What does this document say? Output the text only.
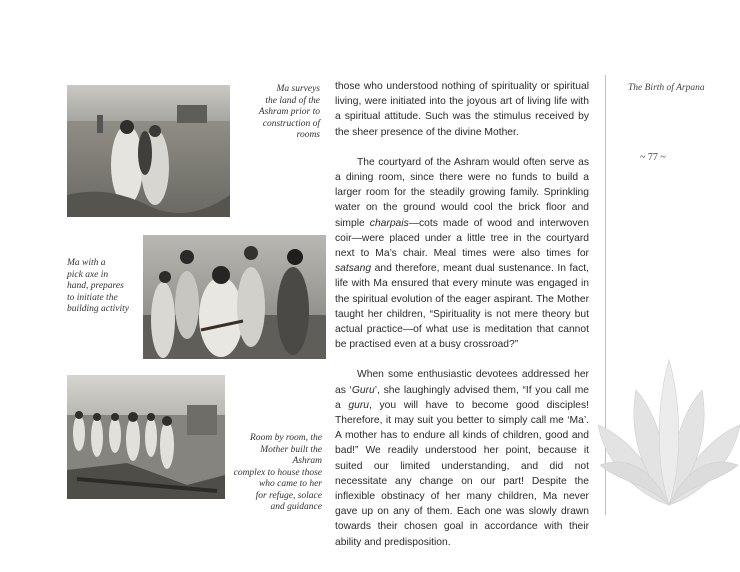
Ma surveys
the land of the
Ashram prior to
construction of
rooms
Ma with a
pick axe in
hand, prepares
to initiate the
building activity
Room by room, the
Mother built the Ashram
complex to house those
who came to her
for refuge, solace
and guidance

those who understood nothing of spirituality or spiritual living, were initiated into the joyous art of living life with a spiritual attitude. Such was the stimulus received by the sheer presence of the divine Mother.

The courtyard of the Ashram would often serve as a dining room, since there were no funds to build a larger room for the steadily growing family. Sprinkling water on the ground would cool the brick floor and simple charpais—cots made of wood and interwoven coir—were placed under a little tree in the courtyard next to Ma’s chair. Meal times were also times for satsang and therefore, meant dual sustenance. In fact, life with Ma ensured that every minute was engaged in the spiritual evolution of the eager aspirant. The Mother taught her children, “Spirituality is not mere theory but actual practice—of what use is meditation that cannot be practised even at a busy crossroad?”

When some enthusiastic devotees addressed her as ‘Guru’, she laughingly advised them, “If you call me a guru, you will have to become good disciples! Therefore, it may suit you better to simply call me ‘Ma’. A mother has to endure all kinds of children, good and bad!” We readily understood her point, because it suited our limited understanding, and did not necessitate any change on our part! Despite the inflexible obstinacy of her many children, Ma never gave up on any of them. Each one was slowly drawn towards their chosen goal in accordance with their ability and predisposition.

The Birth of Arpana
~ 77 ~
